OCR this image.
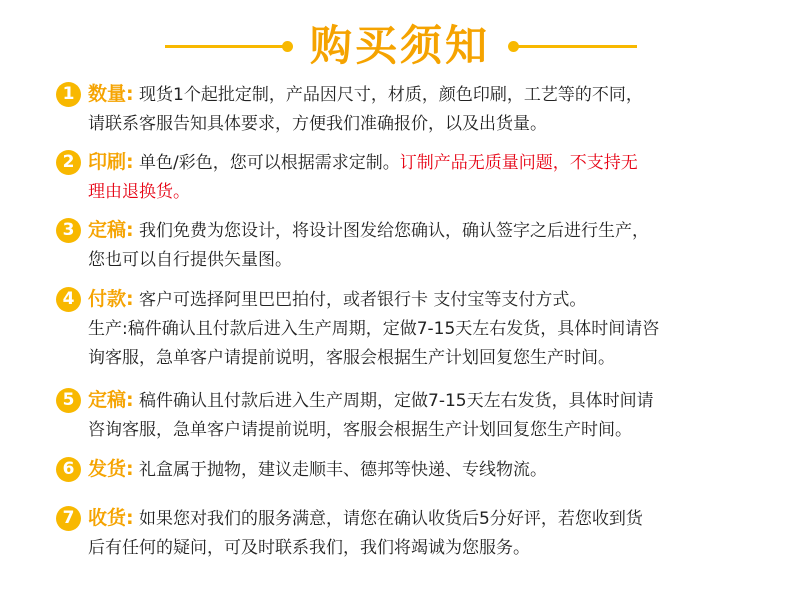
购买须知
1 数量: 现货1个起批定制，产品因尺寸，材质，颜色印刷，工艺等的不同，
请联系客服告知具体要求，方便我们准确报价，以及出货量。
2 印刷: 单色/彩色，您可以根据需求定制。订制产品无质量问题，不支持无
理由退换货。
3 定稿: 我们免费为您设计，将设计图发给您确认，确认签字之后进行生产，
您也可以自行提供矢量图。
4 付款: 客户可选择阿里巴巴拍付，或者银行卡 支付宝等支付方式。
生产:稿件确认且付款后进入生产周期，定做7-15天左右发货，具体时间请咨
询客服，急单客户请提前说明，客服会根据生产计划回复您生产时间。
5 定稿: 稿件确认且付款后进入生产周期，定做7-15天左右发货，具体时间请
咨询客服，急单客户请提前说明，客服会根据生产计划回复您生产时间。
6 发货: 礼盒属于抛物，建议走顺丰、德邦等快递、专线物流。
7 收货: 如果您对我们的服务满意，请您在确认收货后5分好评，若您收到货
后有任何的疑问，可及时联系我们，我们将竭诚为您服务。
